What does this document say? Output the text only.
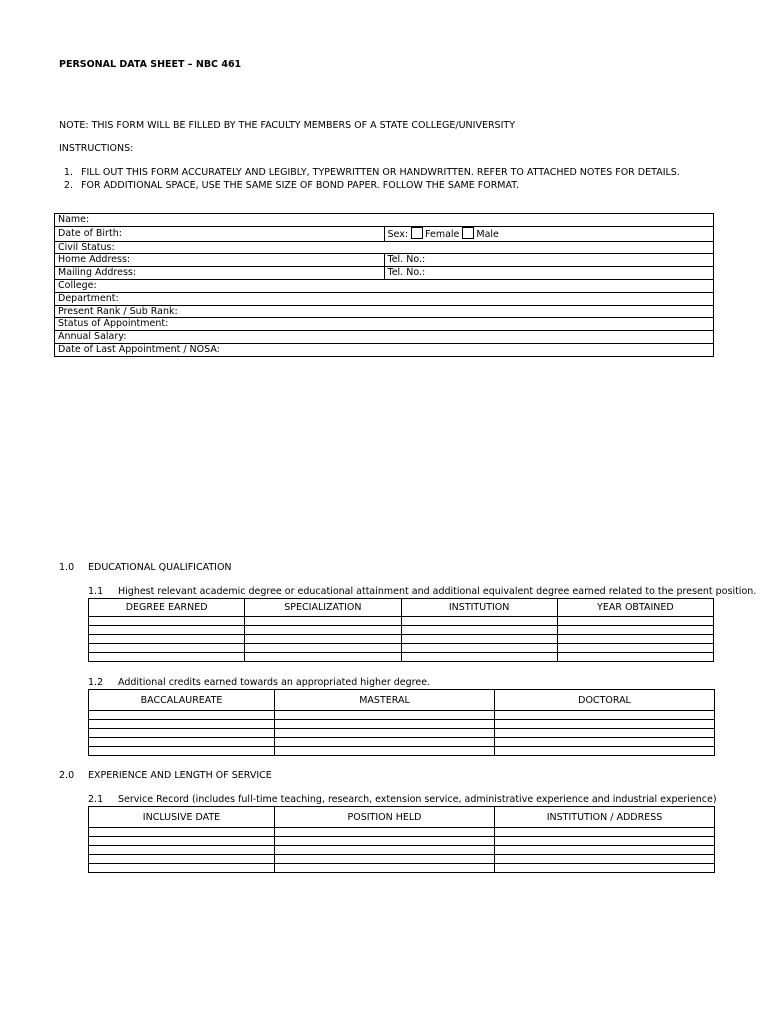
PERSONAL DATA SHEET – NBC 461
NOTE: THIS FORM WILL BE FILLED BY THE FACULTY MEMBERS OF A STATE COLLEGE/UNIVERSITY
INSTRUCTIONS:
1. FILL OUT THIS FORM ACCURATELY AND LEGIBLY, TYPEWRITTEN OR HANDWRITTEN. REFER TO ATTACHED NOTES FOR DETAILS.
2. FOR ADDITIONAL SPACE, USE THE SAME SIZE OF BOND PAPER. FOLLOW THE SAME FORMAT.
Name:	
Date of Birth:	Sex: Female Male
Civil Status:	
Home Address:	Tel. No.:
Mailing Address:	Tel. No.:
College:	
Department:	
Present Rank / Sub Rank:	
Status of Appointment:	
Annual Salary:	
Date of Last Appointment / NOSA:	
1.0 EDUCATIONAL QUALIFICATION
1.1 Highest relevant academic degree or educational attainment and additional equivalent degree earned related to the present position.
DEGREE EARNED	SPECIALIZATION	INSTITUTION	YEAR OBTAINED

1.2 Additional credits earned towards an appropriated higher degree.
BACCALAUREATE	MASTERAL	DOCTORAL

2.0 EXPERIENCE AND LENGTH OF SERVICE
2.1 Service Record (includes full-time teaching, research, extension service, administrative experience and industrial experience)
INCLUSIVE DATE	POSITION HELD	INSTITUTION / ADDRESS
